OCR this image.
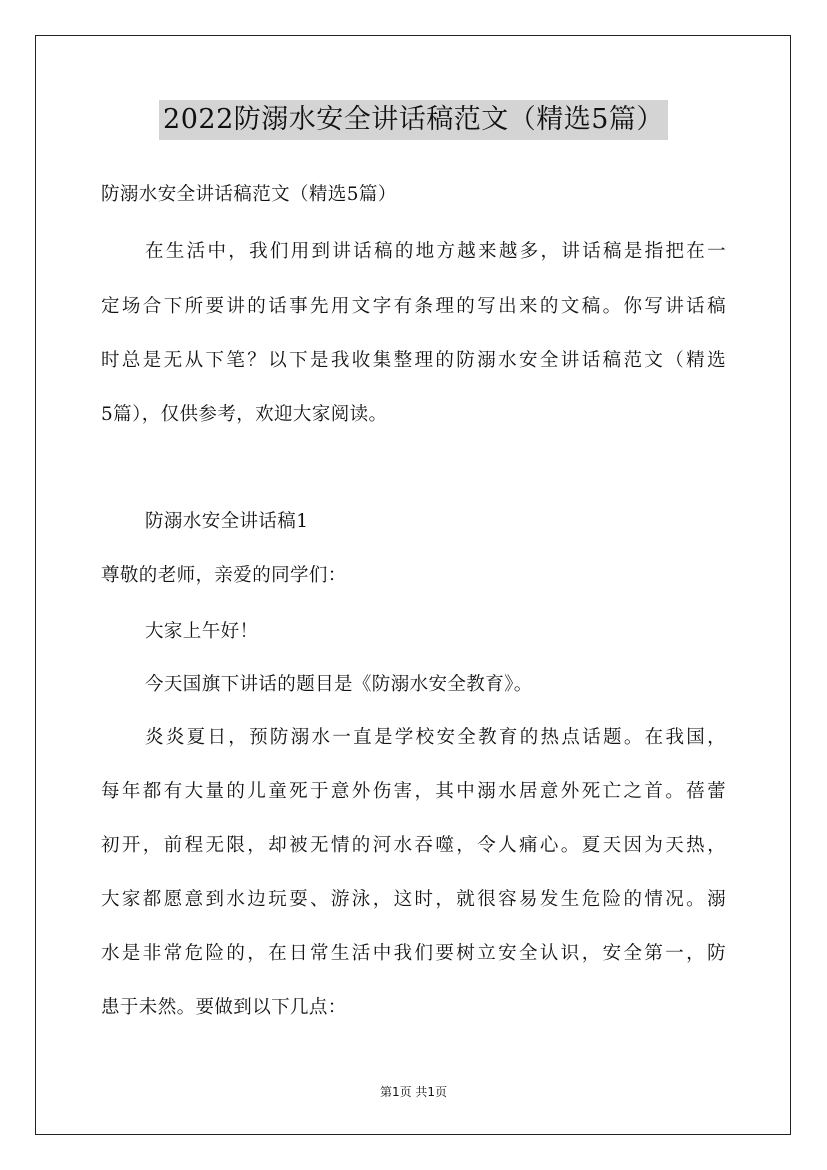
2022防溺水安全讲话稿范文（精选5篇）
防溺水安全讲话稿范文（精选5篇）
在生活中，我们用到讲话稿的地方越来越多，讲话稿是指把在一
定场合下所要讲的话事先用文字有条理的写出来的文稿。你写讲话稿
时总是无从下笔？以下是我收集整理的防溺水安全讲话稿范文（精选
5篇），仅供参考，欢迎大家阅读。
防溺水安全讲话稿1
尊敬的老师，亲爱的同学们：
大家上午好！
今天国旗下讲话的题目是《防溺水安全教育》。
炎炎夏日，预防溺水一直是学校安全教育的热点话题。在我国，
每年都有大量的儿童死于意外伤害，其中溺水居意外死亡之首。蓓蕾
初开，前程无限，却被无情的河水吞噬，令人痛心。夏天因为天热，
大家都愿意到水边玩耍、游泳，这时，就很容易发生危险的情况。溺
水是非常危险的，在日常生活中我们要树立安全认识，安全第一，防
患于未然。要做到以下几点：
第1页 共1页
